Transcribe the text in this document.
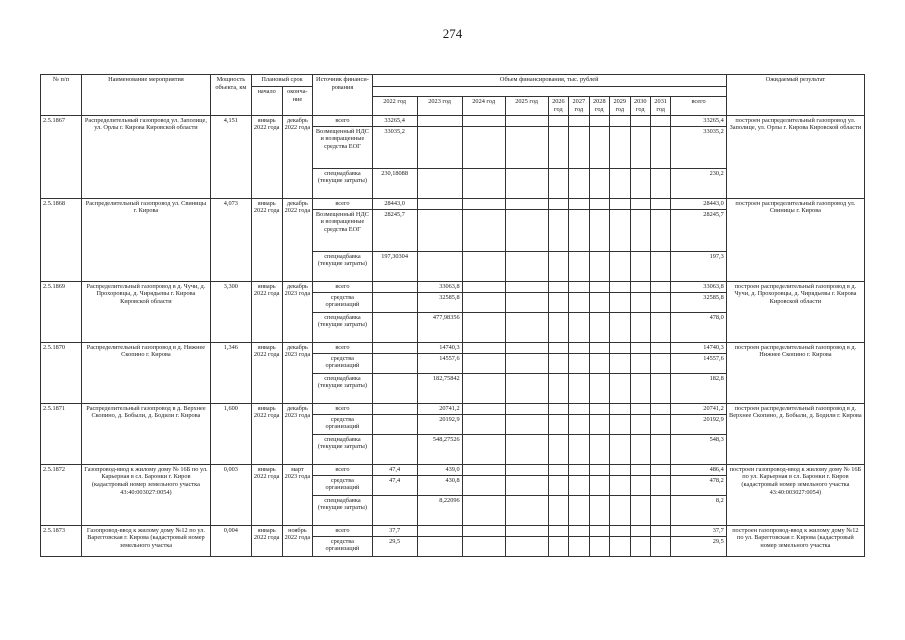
274
№ п/п	Наименование мероприятия	Мощность объекта, км	Плановый срок		Источник финанси-рования	Объем финансирования, тыс. рублей											Ожидаемый результат
			начало	оконча-ние													
						2022 год	2023 год	2024 год	2025 год	2026 год	2027 год	2028 год	2029 год	2030 год	2031 год	всего	
2.5.1867	Распределительный газопровод ул. Заполице, ул. Орлы г. Кирова Кировской области	4,151	январь 2022 года	декабрь 2022 года	всего	33265,4										33265,4	построен распределительный газопровод ул. Заполице, ул. Орлы г. Кирова Кировской области
					Возмещенный НДС и возвращенные средства ЕОГ	33035,2										33035,2	
					спецнадбавка (текущие затраты)	230,18088										230,2	
2.5.1868	Распределительный газопровод ул. Свиницы г. Кирова	4,073	январь 2022 года	декабрь 2022 года	всего	28443,0										28443,0	построен распределительный газопровод ул. Свиницы г. Кирова
					Возмещенный НДС и возвращенные средства ЕОГ	28245,7										28245,7	
					спецнадбавка (текущие затраты)	197,30304										197,3	
2.5.1869	Распределительный газопровод в д. Чучи, д. Прохоровцы, д. Чирядьевы г. Кирова Кировской области	3,300	январь 2022 года	декабрь 2023 года	всего		33063,8									33063,8	построен распределительный газопровод в д. Чучи, д. Прохоровцы, д. Чирядьевы г. Кирова Кировской области
					средства организаций		32585,8									32585,8	
					спецнадбавка (текущие затраты)		477,98356									478,0	
2.5.1870	Распределительный газопровод в д. Нижнее Скопино г. Кирова	1,346	январь 2022 года	декабрь 2023 года	всего		14740,3									14740,3	построен распределительный газопровод в д. Нижнее Скопино г. Кирова
					средства организаций		14557,6									14557,6	
					спецнадбавка (текущие затраты)		182,75842									182,8	
2.5.1871	Распределительный газопровод в д. Верхнее Скопино, д. Бобыли, д. Бодили г. Кирова	1,600	январь 2022 года	декабрь 2023 года	всего		20741,2									20741,2	построен распределительный газопровод в д. Верхнее Скопино, д. Бобыли, д. Бодили г. Кирова
					средства организаций		20192,9									20192,9	
					спецнадбавка (текущие затраты)		548,27526									548,3	
2.5.1872	Газопровод-ввод к жилому дому № 16Б по ул. Карьерная в сл. Баронки г. Киров (кадастровый номер земельного участка 43:40:003027:0054)	0,003	январь 2022 года	март 2023 года	всего	47,4	439,0									486,4	построен газопровод-ввод к жилому дому № 16Б по ул. Карьерная в сл. Баронки г. Киров (кадастровый номер земельного участка 43:40:003027:0054)
					средства организаций	47,4	430,8									478,2	
					спецнадбавка (текущие затраты)		8,22096									8,2	
2.5.1873	Газопровод-ввод к жилому дому №12 по ул. Варегговская г. Кирова (кадастровый номер земельного участка	0,004	январь 2022 года	ноябрь 2022 года	всего	37,7										37,7	построен газопровод-ввод к жилому дому №12 по ул. Варегговская г. Кирова (кадастровый номер земельного участка
					средства организаций	29,5										29,5	
